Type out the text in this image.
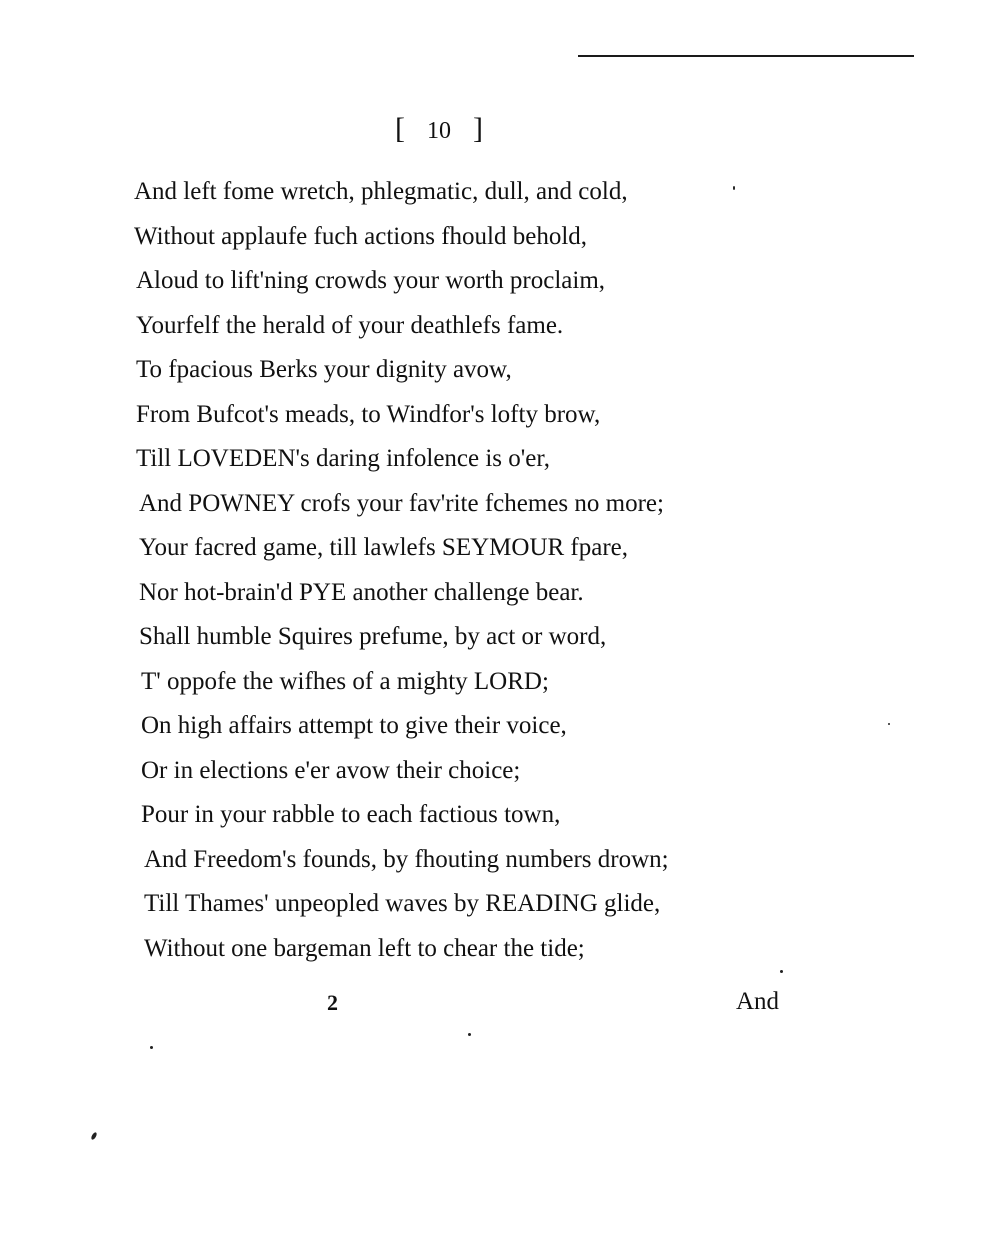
[ 10 ]
And left fome wretch, phlegmatic, dull, and cold,
Without applaufe fuch actions fhould behold,
Aloud to lift'ning crowds your worth proclaim,
Yourfelf the herald of your deathlefs fame.
To fpacious Berks your dignity avow,
From Bufcot's meads, to Windfor's lofty brow,
Till LOVEDEN's daring infolence is o'er,
And POWNEY crofs your fav'rite fchemes no more;
Your facred game, till lawlefs SEYMOUR fpare,
Nor hot-brain'd PYE another challenge bear.
Shall humble Squires prefume, by act or word,
T' oppofe the wifhes of a mighty LORD;
On high affairs attempt to give their voice,
Or in elections e'er avow their choice;
Pour in your rabble to each factious town,
And Freedom's founds, by fhouting numbers drown;
Till Thames' unpeopled waves by READING glide,
Without one bargeman left to chear the tide;
2	And
